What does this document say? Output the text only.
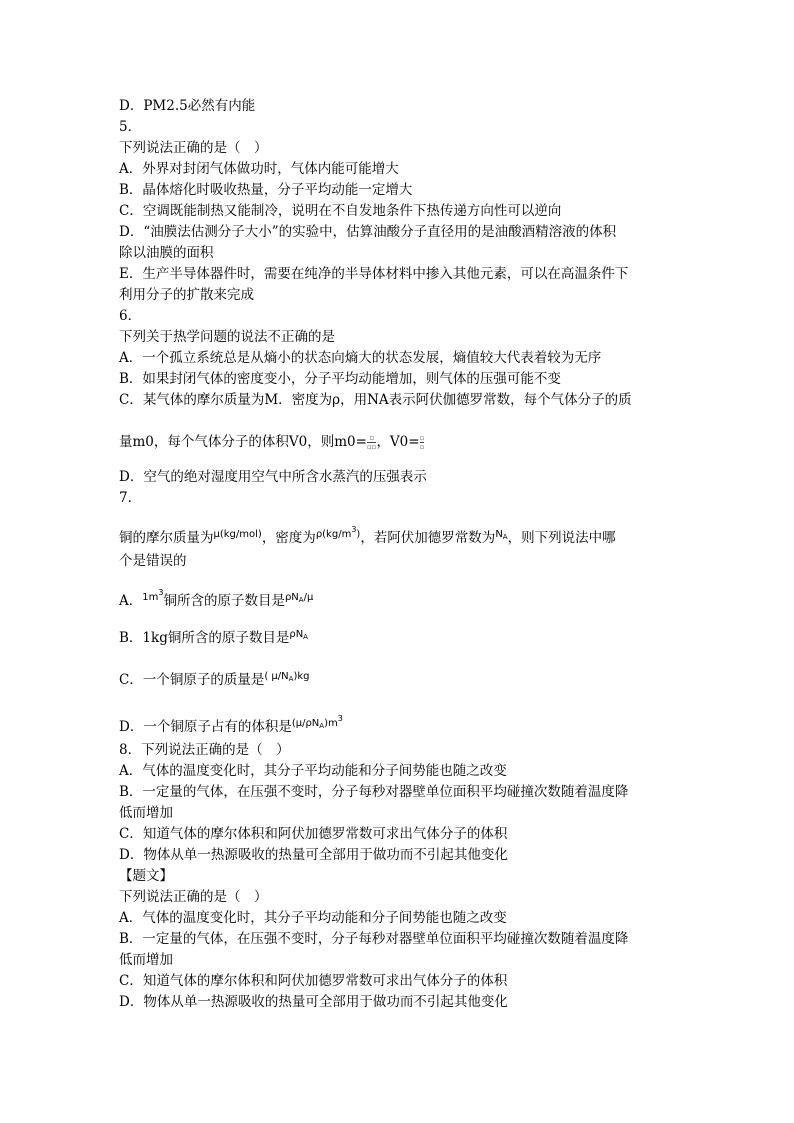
D．PM2.5必然有内能
5．
下列说法正确的是（　）
A．外界对封闭气体做功时，气体内能可能增大
B．晶体熔化时吸收热量，分子平均动能一定增大
C．空调既能制热又能制冷，说明在不自发地条件下热传递方向性可以逆向
D．“油膜法估测分子大小”的实验中，估算油酸分子直径用的是油酸酒精溶液的体积
除以油膜的面积
E．生产半导体器件时，需要在纯净的半导体材料中掺入其他元素，可以在高温条件下
利用分子的扩散来完成
6．
下列关于热学问题的说法不正确的是
A．一个孤立系统总是从熵小的状态向熵大的状态发展，熵值较大代表着较为无序
B．如果封闭气体的密度变小，分子平均动能增加，则气体的压强可能不变
C．某气体的摩尔质量为M．密度为ρ，用NA表示阿伏伽德罗常数，每个气体分子的质
量m0，每个气体分子的体积V0，则$m0= \frac{▫}{▫▫}$ ，$V0= \frac{▫}{▫}$
D．空气的绝对湿度用空气中所含水蒸汽的压强表示
7．
铜的摩尔质量为$^{\mu(kg/mol)}$，密度为$^{\rho(kg/m^3)}$，若阿伏加德罗常数为$^{N_A}$，则下列说法中哪
个是错误的
A．$^{1m^3}$铜所含的原子数目是$^{\rho N_A/\mu}$
B．1kg铜所含的原子数目是$^{\rho N_A}$
C．一个铜原子的质量是$^{( \mu/N_A)kg}$
D．一个铜原子占有的体积是$^{(\mu/\rho N_A)m^3}$
8．下列说法正确的是（　）
A．气体的温度变化时，其分子平均动能和分子间势能也随之改变
B．一定量的气体，在压强不变时，分子每秒对器壁单位面积平均碰撞次数随着温度降
低而增加
C．知道气体的摩尔体积和阿伏加德罗常数可求出气体分子的体积
D．物体从单一热源吸收的热量可全部用于做功而不引起其他变化
【题文】
下列说法正确的是（　）
A．气体的温度变化时，其分子平均动能和分子间势能也随之改变
B．一定量的气体，在压强不变时，分子每秒对器壁单位面积平均碰撞次数随着温度降
低而增加
C．知道气体的摩尔体积和阿伏加德罗常数可求出气体分子的体积
D．物体从单一热源吸收的热量可全部用于做功而不引起其他变化
